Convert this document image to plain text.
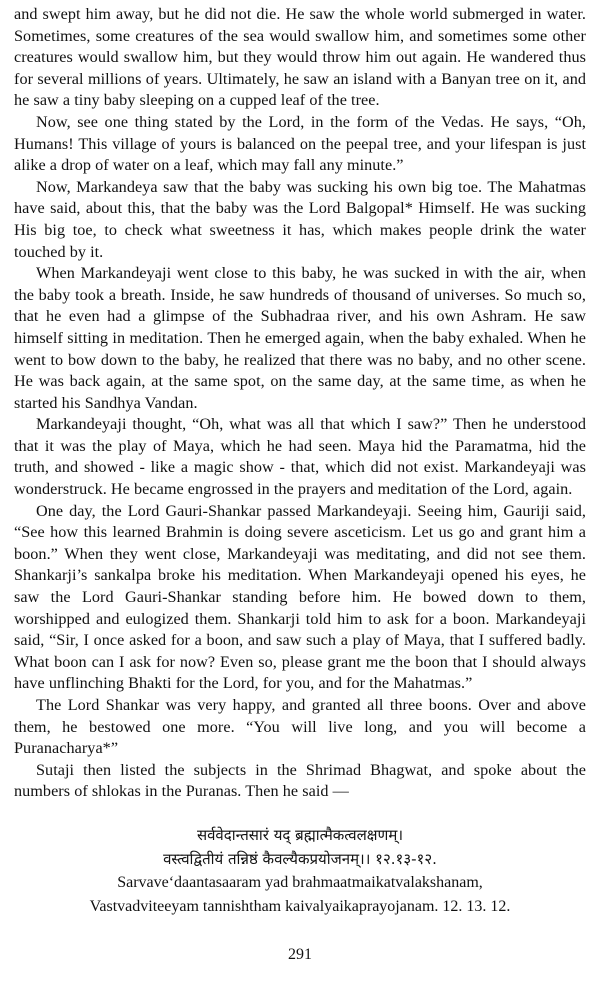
and swept him away, but he did not die. He saw the whole world submerged in water. Sometimes, some creatures of the sea would swallow him, and sometimes some other creatures would swallow him, but they would throw him out again. He wandered thus for several millions of years. Ultimately, he saw an island with a Banyan tree on it, and he saw a tiny baby sleeping on a cupped leaf of the tree.

Now, see one thing stated by the Lord, in the form of the Vedas. He says, “Oh, Humans! This village of yours is balanced on the peepal tree, and your lifespan is just alike a drop of water on a leaf, which may fall any minute.”

Now, Markandeya saw that the baby was sucking his own big toe. The Mahatmas have said, about this, that the baby was the Lord Balgopal* Himself. He was sucking His big toe, to check what sweetness it has, which makes people drink the water touched by it.

When Markandeyaji went close to this baby, he was sucked in with the air, when the baby took a breath. Inside, he saw hundreds of thousand of universes. So much so, that he even had a glimpse of the Subhadraa river, and his own Ashram. He saw himself sitting in meditation. Then he emerged again, when the baby exhaled. When he went to bow down to the baby, he realized that there was no baby, and no other scene. He was back again, at the same spot, on the same day, at the same time, as when he started his Sandhya Vandan.

Markandeyaji thought, “Oh, what was all that which I saw?” Then he understood that it was the play of Maya, which he had seen. Maya hid the Paramatma, hid the truth, and showed - like a magic show - that, which did not exist. Markandeyaji was wonderstruck. He became engrossed in the prayers and meditation of the Lord, again.

One day, the Lord Gauri-Shankar passed Markandeyaji. Seeing him, Gauriji said, “See how this learned Brahmin is doing severe asceticism. Let us go and grant him a boon.” When they went close, Markandeyaji was meditating, and did not see them. Shankarji’s sankalpa broke his meditation. When Markandeyaji opened his eyes, he saw the Lord Gauri-Shankar standing before him. He bowed down to them, worshipped and eulogized them. Shankarji told him to ask for a boon. Markandeyaji said, “Sir, I once asked for a boon, and saw such a play of Maya, that I suffered badly. What boon can I ask for now? Even so, please grant me the boon that I should always have unflinching Bhakti for the Lord, for you, and for the Mahatmas.”

The Lord Shankar was very happy, and granted all three boons. Over and above them, he bestowed one more. “You will live long, and you will become a Puranacharya*”

Sutaji then listed the subjects in the Shrimad Bhagwat, and spoke about the numbers of shlokas in the Puranas. Then he said —

सर्ववेदान्तसारं यद् ब्रह्मात्मैकत्वलक्षणम्।
वस्त्वद्वितीयं तन्निष्ठं कैवल्यैकप्रयोजनम्।। १२.१३-१२.
Sarvave‘daantasaaram yad brahmaatmaikatvalakshanam,
Vastvadviteeyam tannishtham kaivalyaikaprayojanam. 12. 13. 12.
291
